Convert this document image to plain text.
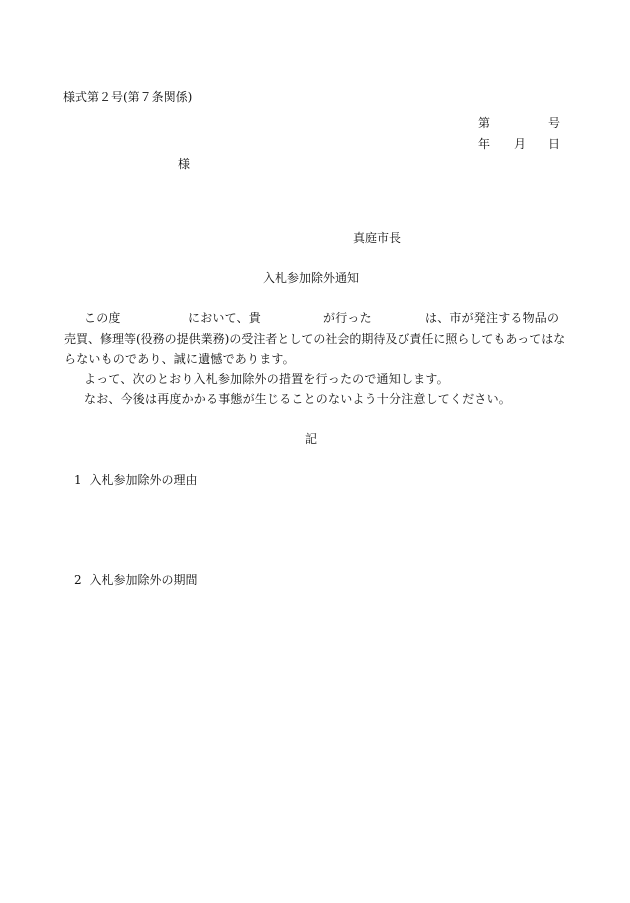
様式第２号(第７条関係)
第	号
年 月 日
様
真庭市長
入札参加除外通知
この度	において、貴	が行った	は、市が発注する物品の
売買、修理等(役務の提供業務)の受注者としての社会的期待及び責任に照らしてもあってはな
らないものであり、誠に遺憾であります。
よって、次のとおり入札参加除外の措置を行ったので通知します。
なお、今後は再度かかる事態が生じることのないよう十分注意してください。
記
1 入札参加除外の理由
2 入札参加除外の期間
